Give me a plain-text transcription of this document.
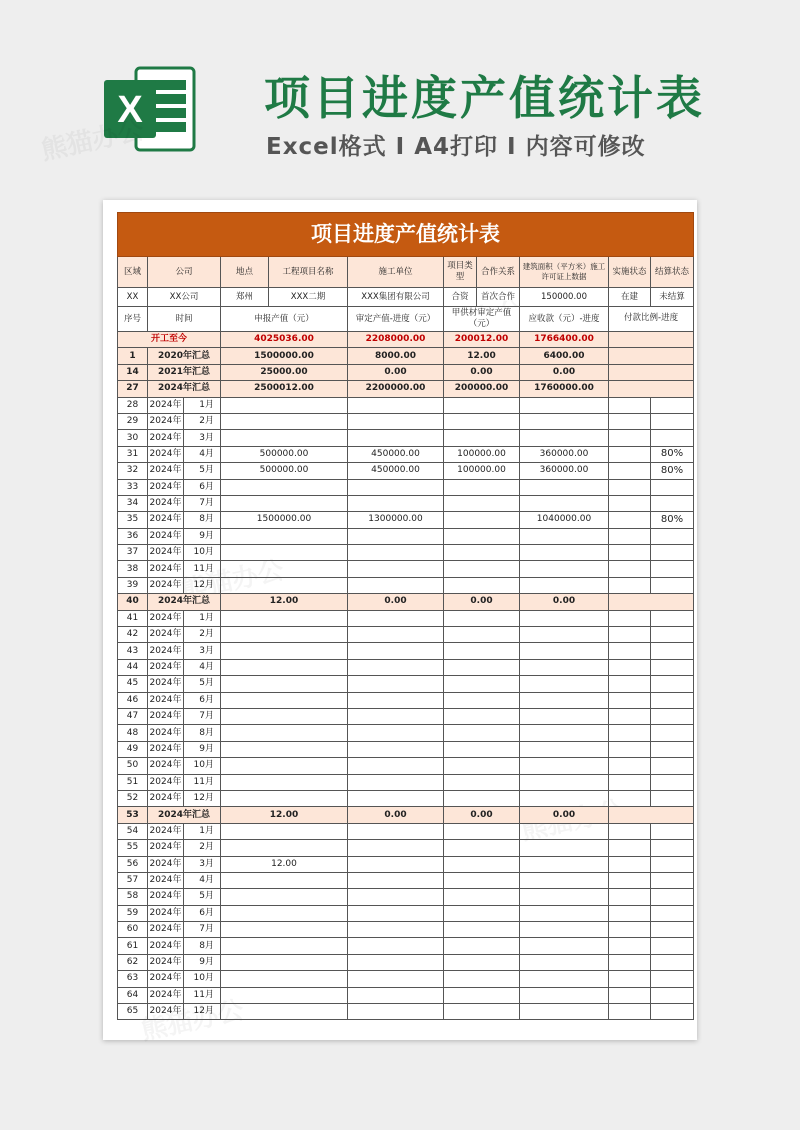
X	项目进度产值统计表
Excel格式 I A4打印 I 内容可修改
项目进度产值统计表										
区域	公司		地点	工程项目名称	施工单位	项目类型	合作关系	建筑面积（平方米）施工许可证上数据	实施状态	结算状态
XX	XX公司		郑州	XXX二期	XXX集团有限公司	合资	首次合作	150000.00	在建	未结算
序号	时间		申报产值（元）		审定产值-进度（元）	甲供材审定产值（元）		应收款（元）-进度	付款比例-进度	
开工至今			4025036.00		2208000.00	200012.00		1766400.00		
1	2020年汇总		1500000.00		8000.00	12.00		6400.00		
14	2021年汇总		25000.00		0.00	0.00		0.00		
27	2024年汇总		2500012.00		2200000.00	200000.00		1760000.00		
28	2024年	1月								
29	2024年	2月								
30	2024年	3月								
31	2024年	4月	500000.00		450000.00	100000.00		360000.00		80%
32	2024年	5月	500000.00		450000.00	100000.00		360000.00		80%
33	2024年	6月								
34	2024年	7月								
35	2024年	8月	1500000.00		1300000.00			1040000.00		80%
36	2024年	9月								
37	2024年	10月								
38	2024年	11月								
39	2024年	12月								
40	2024年汇总		12.00		0.00	0.00		0.00		
41	2024年	1月								
42	2024年	2月								
43	2024年	3月								
44	2024年	4月								
45	2024年	5月								
46	2024年	6月								
47	2024年	7月								
48	2024年	8月								
49	2024年	9月								
50	2024年	10月								
51	2024年	11月								
52	2024年	12月								
53	2024年汇总		12.00		0.00	0.00		0.00		
54	2024年	1月								
55	2024年	2月								
56	2024年	3月	12.00							
57	2024年	4月								
58	2024年	5月								
59	2024年	6月								
60	2024年	7月								
61	2024年	8月								
62	2024年	9月								
63	2024年	10月								
64	2024年	11月								
65	2024年	12月								
